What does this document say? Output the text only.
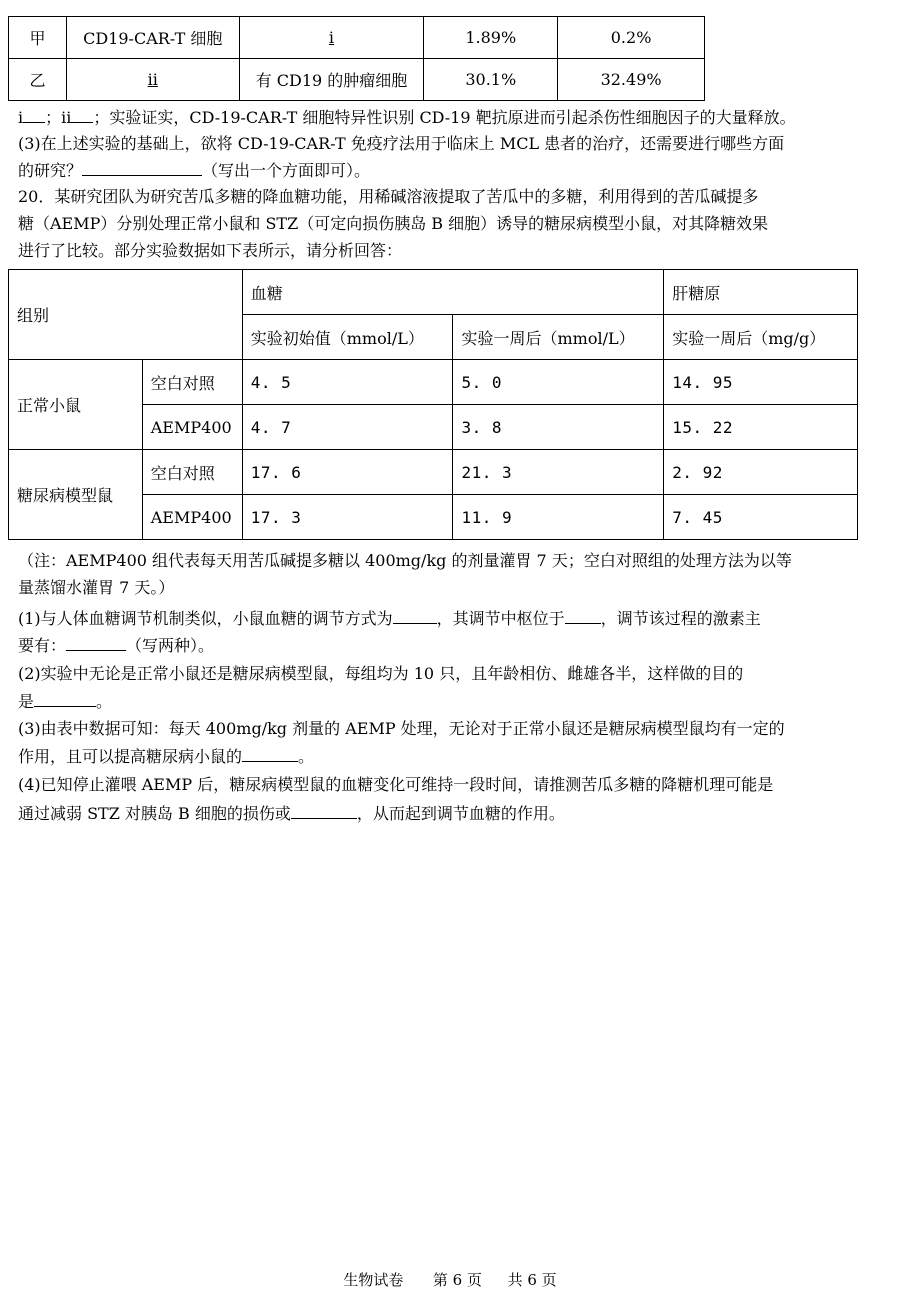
甲	CD19-CAR-T 细胞	i	1.89%	0.2%
乙	ii	有 CD19 的肿瘤细胞	30.1%	32.49%
i ；ii ；实验证实，CD-19-CAR-T 细胞特异性识别 CD-19 靶抗原进而引起杀伤性细胞因子的大量释放。
(3)在上述实验的基础上，欲将 CD-19-CAR-T 免疫疗法用于临床上 MCL 患者的治疗，还需要进行哪些方面
的研究？	（写出一个方面即可）。
20．某研究团队为研究苦瓜多糖的降血糖功能，用稀碱溶液提取了苦瓜中的多糖，利用得到的苦瓜碱提多
糖（AEMP）分别处理正常小鼠和 STZ（可定向损伤胰岛 B 细胞）诱导的糖尿病模型小鼠，对其降糖效果
进行了比较。部分实验数据如下表所示，请分析回答：
组别		血糖		肝糖原
		实验初始值（mmol/L）	实验一周后（mmol/L）	实验一周后（mg/g）
正常小鼠	空白对照	4. 5	5. 0	14. 95
	AEMP400	4. 7	3. 8	15. 22
糖尿病模型鼠	空白对照	17. 6	21. 3	2. 92
	AEMP400	17. 3	11. 9	7. 45
（注：AEMP400 组代表每天用苦瓜碱提多糖以 400mg/kg 的剂量灌胃 7 天；空白对照组的处理方法为以等
量蒸馏水灌胃 7 天。）
(1)与人体血糖调节机制类似，小鼠血糖的调节方式为	，其调节中枢位于 ，调节该过程的激素主
要有：	（写两种）。
(2)实验中无论是正常小鼠还是糖尿病模型鼠，每组均为 10 只，且年龄相仿、雌雄各半，这样做的目的
是	。
(3)由表中数据可知：每天 400mg/kg 剂量的 AEMP 处理，无论对于正常小鼠还是糖尿病模型鼠均有一定的
作用，且可以提高糖尿病小鼠的	。
(4)已知停止灌喂 AEMP 后，糖尿病模型鼠的血糖变化可维持一段时间，请推测苦瓜多糖的降糖机理可能是
通过减弱 STZ 对胰岛 B 细胞的损伤或	，从而起到调节血糖的作用。
生物试卷 第 6 页 共 6 页
